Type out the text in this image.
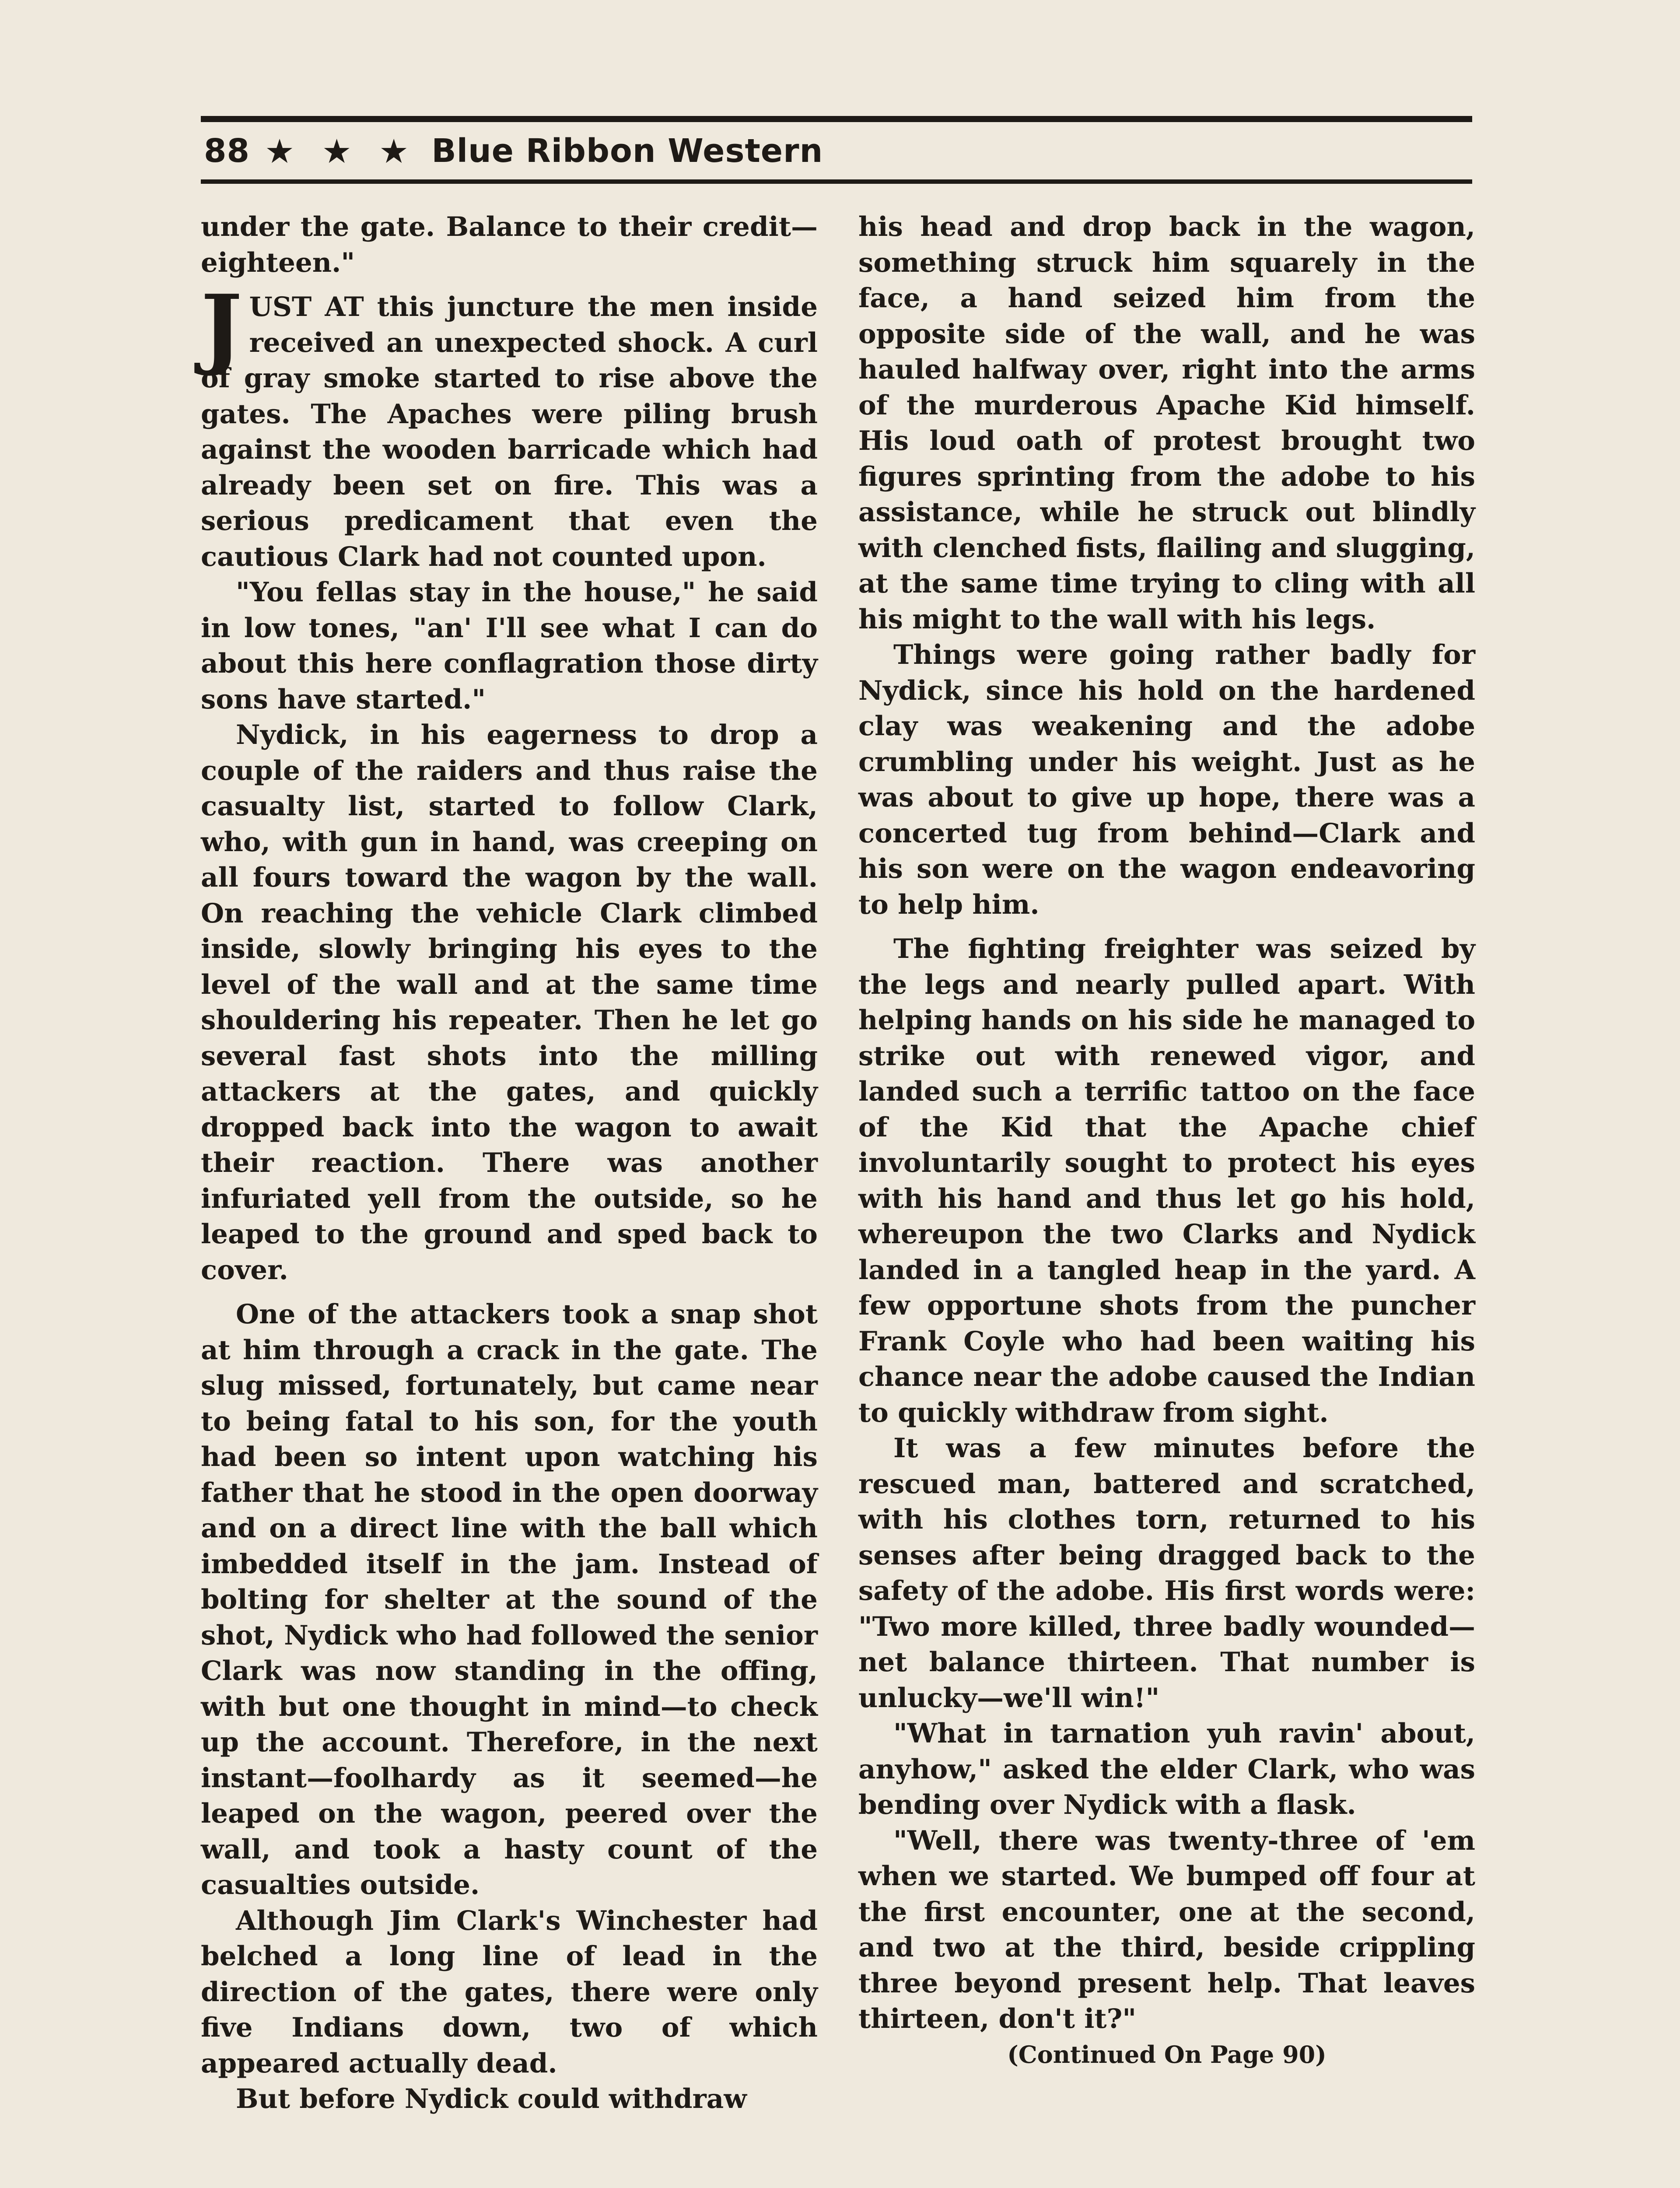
88 ★ ★ ★ Blue Ribbon Western

under the gate. Balance to their credit—eighteen."

JUST AT this juncture the men inside received an unexpected shock. A curl of gray smoke started to rise above the gates. The Apaches were piling brush against the wooden barricade which had already been set on fire. This was a serious predicament that even the cautious Clark had not counted upon.

"You fellas stay in the house," he said in low tones, "an' I'll see what I can do about this here conflagration those dirty sons have started."

Nydick, in his eagerness to drop a couple of the raiders and thus raise the casualty list, started to follow Clark, who, with gun in hand, was creeping on all fours toward the wagon by the wall. On reaching the vehicle Clark climbed inside, slowly bringing his eyes to the level of the wall and at the same time shouldering his repeater. Then he let go several fast shots into the milling attackers at the gates, and quickly dropped back into the wagon to await their reaction. There was another infuriated yell from the outside, so he leaped to the ground and sped back to cover.

One of the attackers took a snap shot at him through a crack in the gate. The slug missed, fortunately, but came near to being fatal to his son, for the youth had been so intent upon watching his father that he stood in the open doorway and on a direct line with the ball which imbedded itself in the jam. Instead of bolting for shelter at the sound of the shot, Nydick who had followed the senior Clark was now standing in the offing, with but one thought in mind—to check up the account. Therefore, in the next instant—foolhardy as it seemed—he leaped on the wagon, peered over the wall, and took a hasty count of the casualties outside.

Although Jim Clark's Winchester had belched a long line of lead in the direction of the gates, there were only five Indians down, two of which appeared actually dead.

But before Nydick could withdraw

his head and drop back in the wagon, something struck him squarely in the face, a hand seized him from the opposite side of the wall, and he was hauled halfway over, right into the arms of the murderous Apache Kid himself. His loud oath of protest brought two figures sprinting from the adobe to his assistance, while he struck out blindly with clenched fists, flailing and slugging, at the same time trying to cling with all his might to the wall with his legs.

Things were going rather badly for Nydick, since his hold on the hardened clay was weakening and the adobe crumbling under his weight. Just as he was about to give up hope, there was a concerted tug from behind—Clark and his son were on the wagon endeavoring to help him.

The fighting freighter was seized by the legs and nearly pulled apart. With helping hands on his side he managed to strike out with renewed vigor, and landed such a terrific tattoo on the face of the Kid that the Apache chief involuntarily sought to protect his eyes with his hand and thus let go his hold, whereupon the two Clarks and Nydick landed in a tangled heap in the yard. A few opportune shots from the puncher Frank Coyle who had been waiting his chance near the adobe caused the Indian to quickly withdraw from sight.

It was a few minutes before the rescued man, battered and scratched, with his clothes torn, returned to his senses after being dragged back to the safety of the adobe. His first words were: "Two more killed, three badly wounded—net balance thirteen. That number is unlucky—we'll win!"

"What in tarnation yuh ravin' about, anyhow," asked the elder Clark, who was bending over Nydick with a flask.

"Well, there was twenty-three of 'em when we started. We bumped off four at the first encounter, one at the second, and two at the third, beside crippling three beyond present help. That leaves thirteen, don't it?"

(Continued On Page 90)
